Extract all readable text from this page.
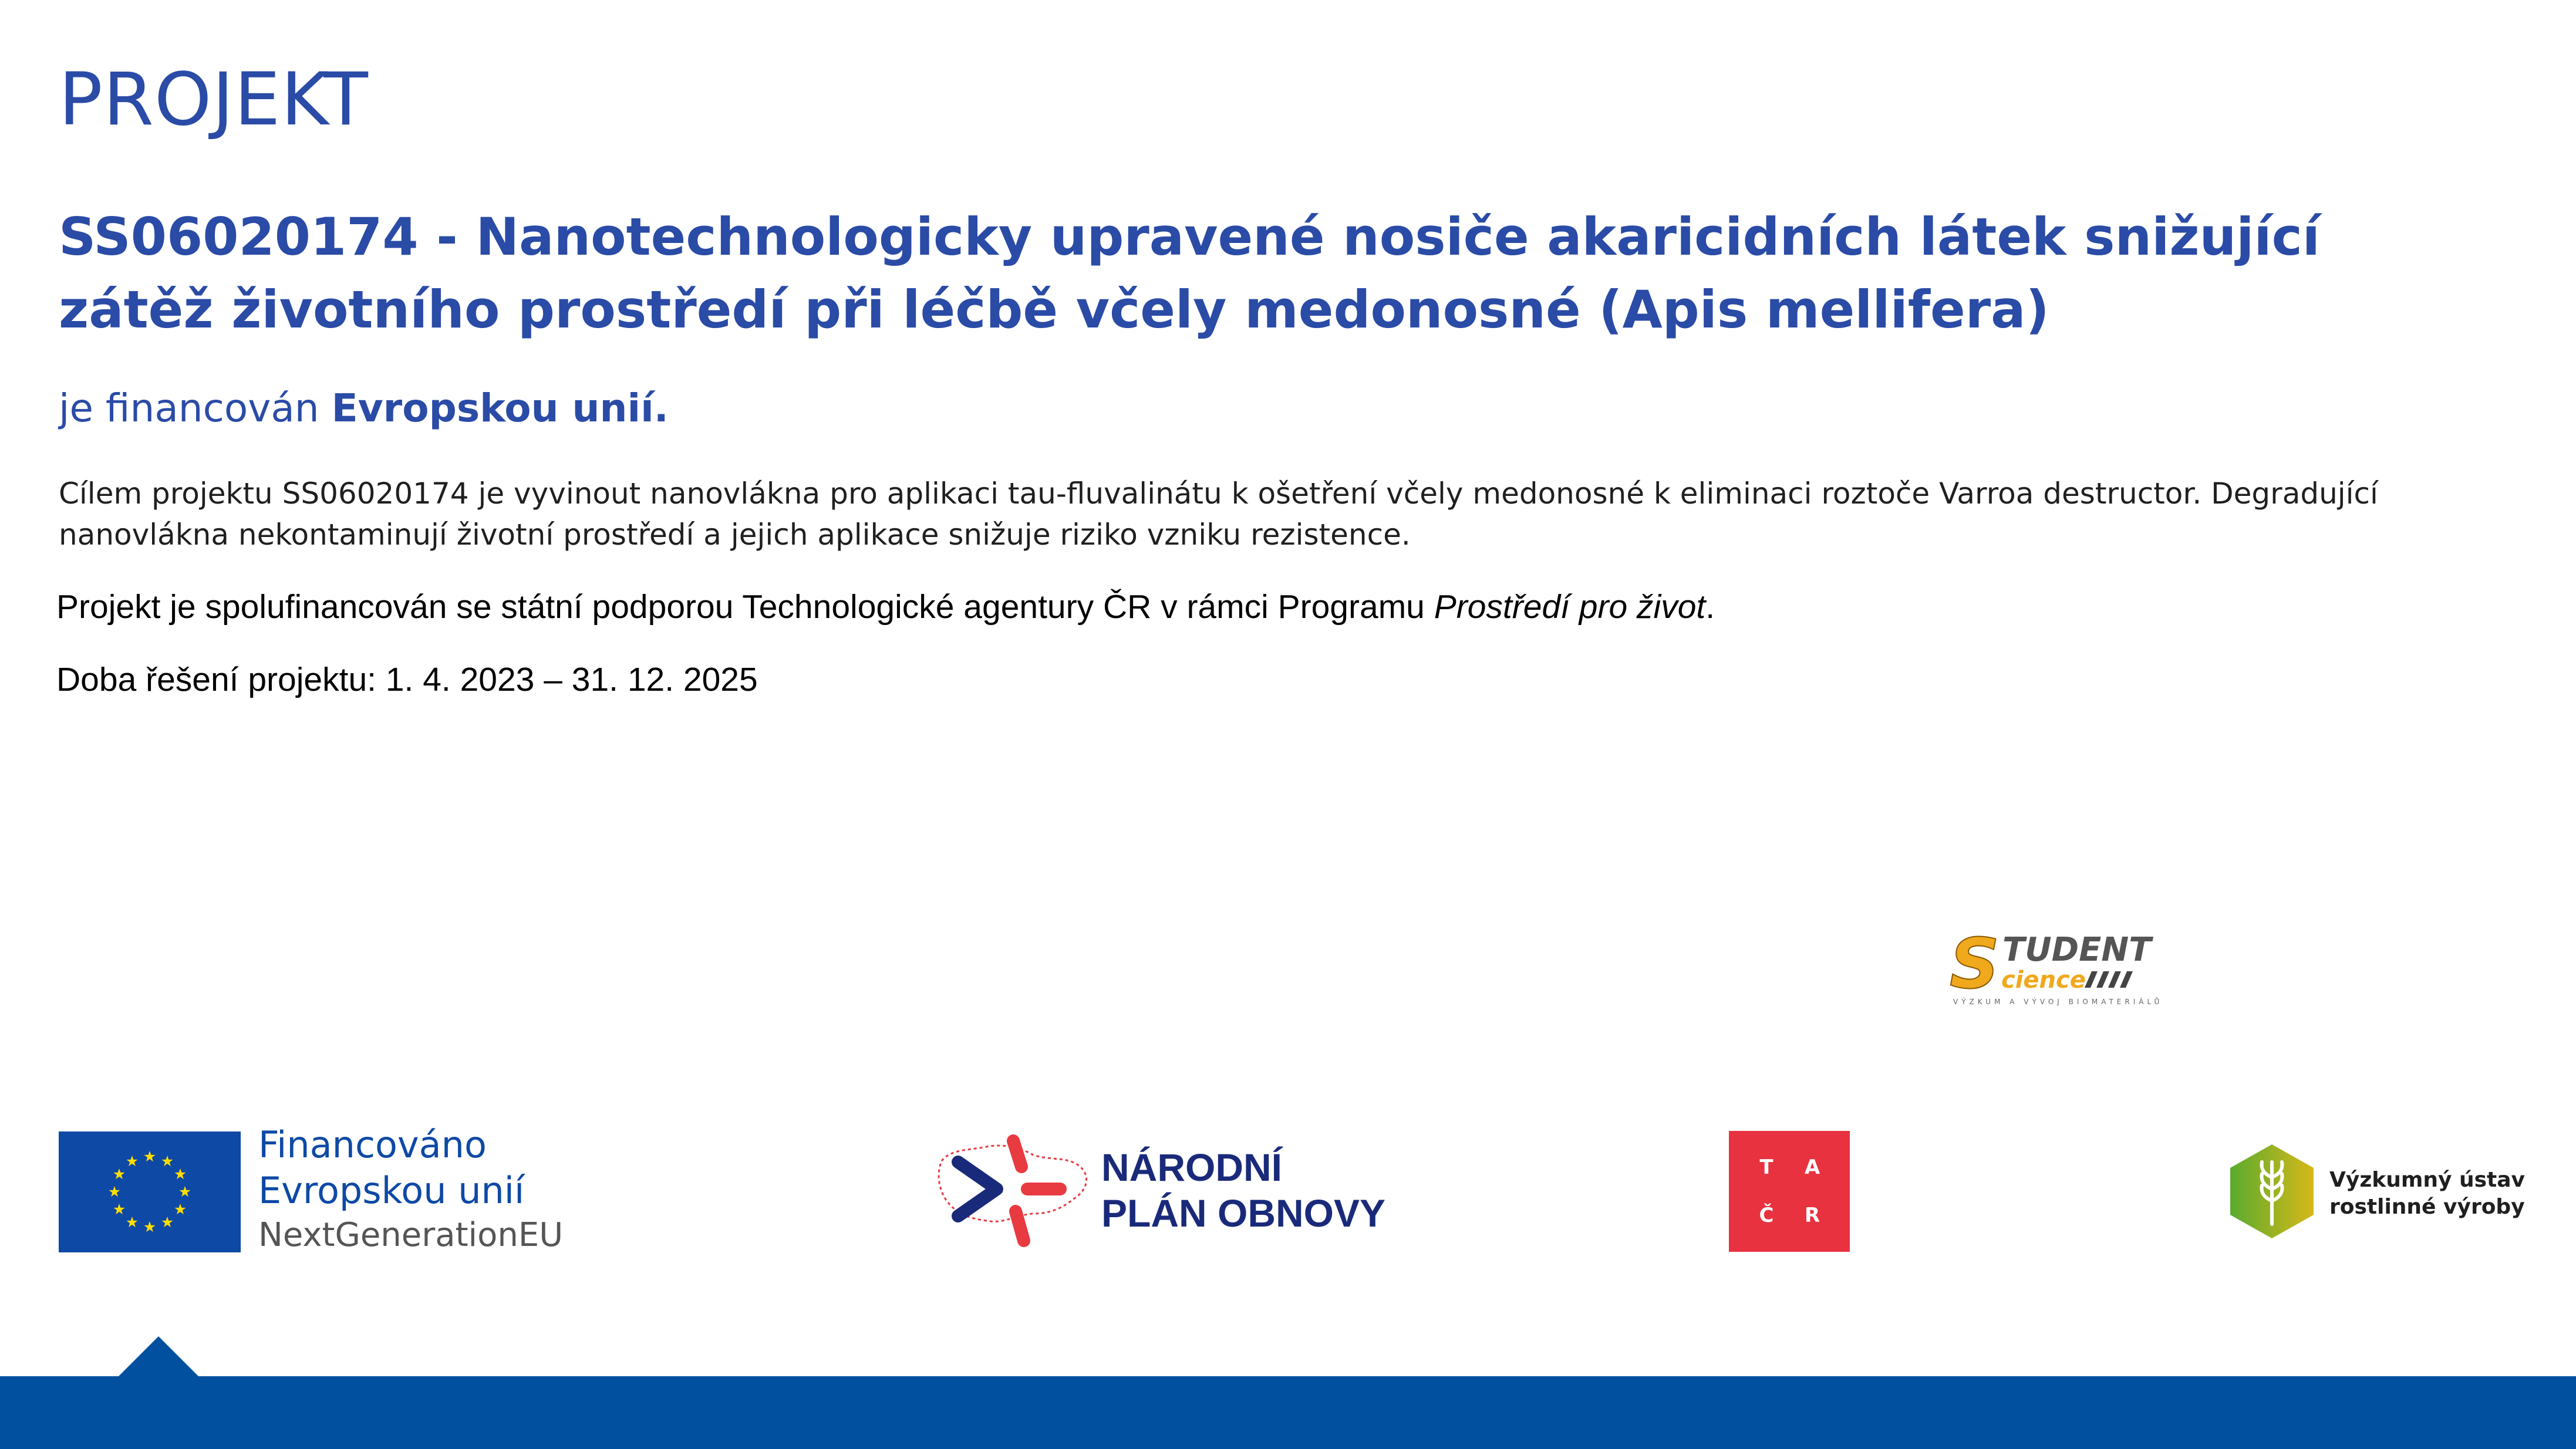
PROJEKT
SS06020174 - Nanotechnologicky upravené nosiče akaricidních látek snižující zátěž životního prostředí při léčbě včely medonosné (Apis mellifera)
je financován Evropskou unií.
Cílem projektu SS06020174 je vyvinout nanovlákna pro aplikaci tau-fluvalinátu k ošetření včely medonosné k eliminaci roztoče Varroa destructor. Degradující nanovlákna nekontaminují životní prostředí a jejich aplikace snižuje riziko vzniku rezistence.
Projekt je spolufinancován se státní podporou Technologické agentury ČR v rámci Programu Prostředí pro život.
Doba řešení projektu: 1. 4. 2023 – 31. 12. 2025
S TUDENT
cience
VÝZKUM A VÝVOJ BIOMATERIÁLŮ
Financováno
Evropskou unií
NextGenerationEU
NÁRODNÍ
PLÁN OBNOVY
T A
Č R
Výzkumný ústav
rostlinné výroby
